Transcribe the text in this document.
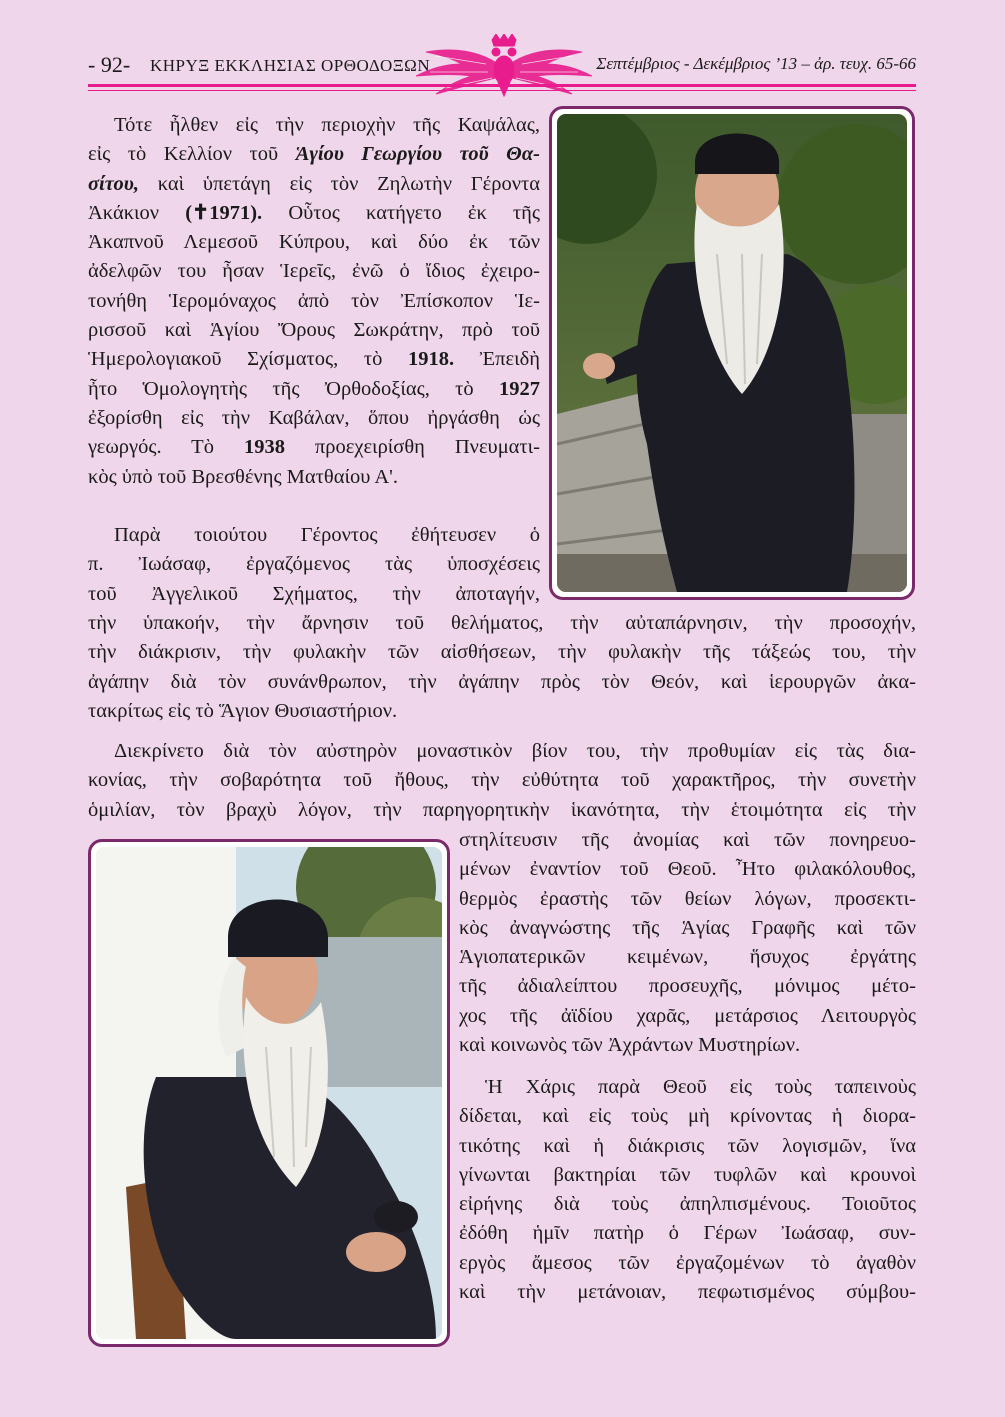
- 92- ΚΗΡΥΞ ΕΚΚΛΗΣΙΑΣ ΟΡΘΟΔΟΞΩΝ	Σεπτέμβριος - Δεκέμβριος ’13 – ἀρ. τευχ. 65-66
Τότε ἦλθεν εἰς τὴν περιοχὴν τῆς Καψάλας,
εἰς τὸ Κελλίον τοῦ Ἁγίου Γεωργίου τοῦ Θα-
σίτου, καὶ ὑπετάγη εἰς τὸν Ζηλωτὴν Γέροντα
Ἀκάκιον (✝1971). Οὗτος κατήγετο ἐκ τῆς
Ἀκαπνοῦ Λεμεσοῦ Κύπρου, καὶ δύο ἐκ τῶν
ἀδελφῶν του ἦσαν Ἱερεῖς, ἐνῶ ὁ ἴδιος ἐχειρο-
τονήθη Ἱερομόναχος ἀπὸ τὸν Ἐπίσκοπον Ἱε-
ρισσοῦ καὶ Ἁγίου Ὄρους Σωκράτην, πρὸ τοῦ
Ἡμερολογιακοῦ Σχίσματος, τὸ 1918. Ἐπειδὴ
ἦτο Ὁμολογητὴς τῆς Ὀρθοδοξίας, τὸ 1927
ἐξορίσθη εἰς τὴν Καβάλαν, ὅπου ἠργάσθη ὡς
γεωργός. Τὸ 1938 προεχειρίσθη Πνευματι-
κὸς ὑπὸ τοῦ Βρεσθένης Ματθαίου Α'.
Παρὰ τοιούτου Γέροντος ἐθήτευσεν ὁ
π. Ἰωάσαφ, ἐργαζόμενος τὰς ὑποσχέσεις
τοῦ Ἀγγελικοῦ Σχήματος, τὴν ἀποταγήν,
τὴν ὑπακοήν, τὴν ἄρνησιν τοῦ θελήματος, τὴν αὐταπάρνησιν, τὴν προσοχήν,
τὴν διάκρισιν, τὴν φυλακὴν τῶν αἰσθήσεων, τὴν φυλακὴν τῆς τάξεώς του, τὴν
ἀγάπην διὰ τὸν συνάνθρωπον, τὴν ἀγάπην πρὸς τὸν Θεόν, καὶ ἱερουργῶν ἀκα-
τακρίτως εἰς τὸ Ἅγιον Θυσιαστήριον.
Διεκρίνετο διὰ τὸν αὐστηρὸν μοναστικὸν βίον του, τὴν προθυμίαν εἰς τὰς δια-
κονίας, τὴν σοβαρότητα τοῦ ἤθους, τὴν εὐθύτητα τοῦ χαρακτῆρος, τὴν συνετὴν
ὁμιλίαν, τὸν βραχὺ λόγον, τὴν παρηγορητικὴν ἱκανότητα, τὴν ἑτοιμότητα εἰς τὴν
στηλίτευσιν τῆς ἀνομίας καὶ τῶν πονηρευο-
μένων ἐναντίον τοῦ Θεοῦ. Ἦτο φιλακόλουθος,
θερμὸς ἐραστὴς τῶν θείων λόγων, προσεκτι-
κὸς ἀναγνώστης τῆς Ἁγίας Γραφῆς καὶ τῶν
Ἁγιοπατερικῶν κειμένων, ἥσυχος ἐργάτης
τῆς ἀδιαλείπτου προσευχῆς, μόνιμος μέτο-
χος τῆς ἀϊδίου χαρᾶς, μετάρσιος Λειτουργὸς
καὶ κοινωνὸς τῶν Ἀχράντων Μυστηρίων.
Ἡ Χάρις παρὰ Θεοῦ εἰς τοὺς ταπεινοὺς
δίδεται, καὶ εἰς τοὺς μὴ κρίνοντας ἡ διορα-
τικότης καὶ ἡ διάκρισις τῶν λογισμῶν, ἵνα
γίνωνται βακτηρίαι τῶν τυφλῶν καὶ κρουνοὶ
εἰρήνης διὰ τοὺς ἀπηλπισμένους. Τοιοῦτος
ἐδόθη ἡμῖν πατὴρ ὁ Γέρων Ἰωάσαφ, συν-
εργὸς ἄμεσος τῶν ἐργαζομένων τὸ ἀγαθὸν
καὶ τὴν μετάνοιαν, πεφωτισμένος σύμβου-
